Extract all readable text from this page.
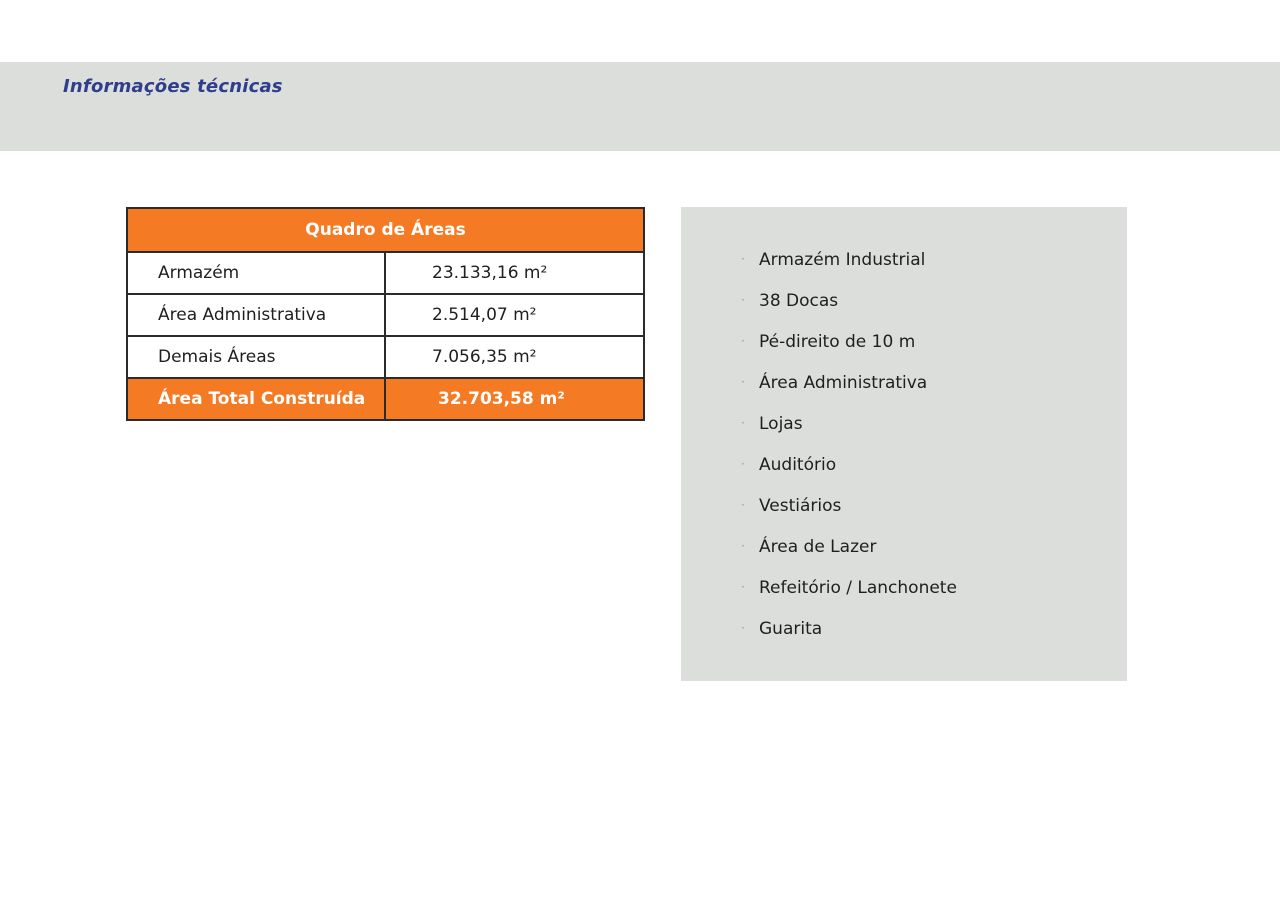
Informações técnicas
Quadro de Áreas	
Armazém	23.133,16 m²
Área Administrativa	2.514,07 m²
Demais Áreas	7.056,35 m²
Área Total Construída	32.703,58 m²
· Armazém Industrial
· 38 Docas
· Pé-direito de 10 m
· Área Administrativa
· Lojas
· Auditório
· Vestiários
· Área de Lazer
· Refeitório / Lanchonete
· Guarita
